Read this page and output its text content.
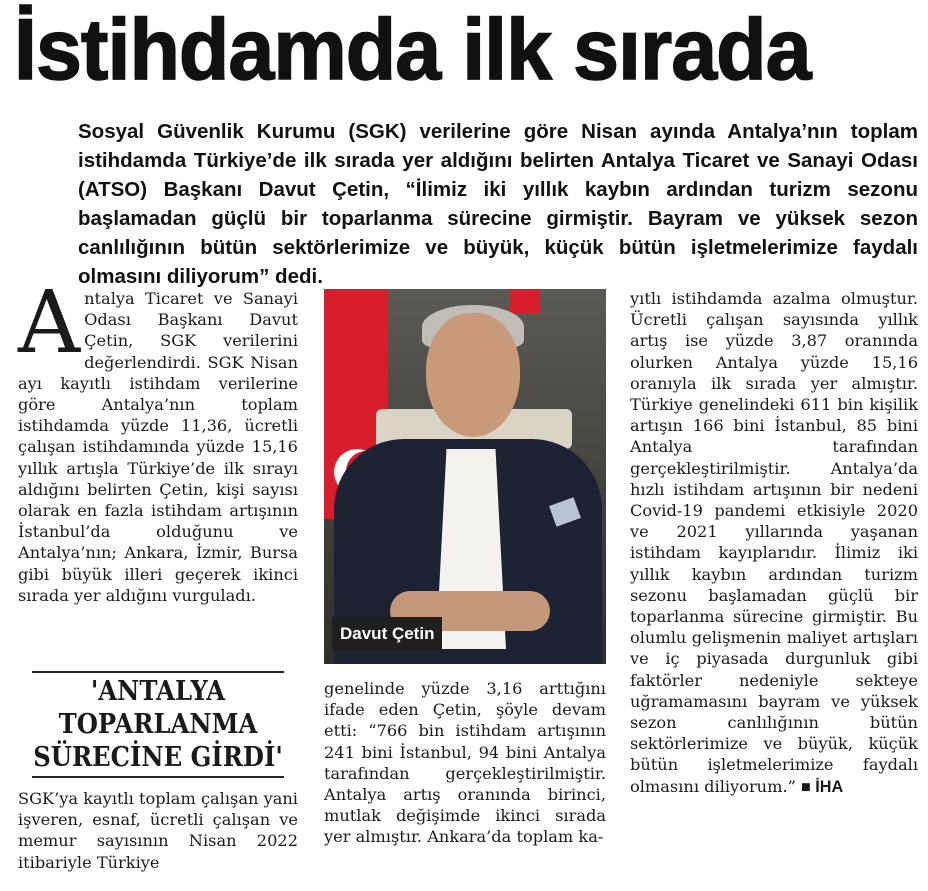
İstihdamda ilk sırada
Sosyal Güvenlik Kurumu (SGK) verilerine göre Nisan ayında Antalya’nın toplam istihdamda Türkiye’de ilk sırada yer aldığını belirten Antalya Ticaret ve Sanayi Odası (ATSO) Başkanı Davut Çetin, “İlimiz iki yıllık kaybın ardından turizm sezonu başlamadan güçlü bir toparlanma sürecine girmiştir. Bayram ve yüksek sezon canlılığının bütün sektörlerimize ve büyük, küçük bütün işletmelerimize faydalı olmasını diliyorum” dedi.
Antalya Ticaret ve Sanayi Odası Başkanı Davut Çetin, SGK verilerini değerlendirdi. SGK Nisan ayı kayıtlı istihdam verilerine göre Antalya’nın toplam istihdamda yüzde 11,36, ücretli çalışan istihdamında yüzde 15,16 yıllık artışla Türkiye’de ilk sırayı aldığını belirten Çetin, kişi sayısı olarak en fazla istihdam artışının İstanbul’da olduğunu ve Antalya’nın; Ankara, İzmir, Bursa gibi büyük illeri geçerek ikinci sırada yer aldığını vurguladı.
'ANTALYA TOPARLANMA SÜRECİNE GİRDİ'
SGK’ya kayıtlı toplam çalışan yani işveren, esnaf, ücretli çalışan ve memur sayısının Nisan 2022 itibariyle Türkiye
Davut Çetin
genelinde yüzde 3,16 arttığını ifade eden Çetin, şöyle devam etti: “766 bin istihdam artışının 241 bini İstanbul, 94 bini Antalya tarafından gerçekleştirilmiştir. Antalya artış oranında birinci, mutlak değişimde ikinci sırada yer almıştır. Ankara’da toplam ka-
yıtlı istihdamda azalma olmuştur. Ücretli çalışan sayısında yıllık artış ise yüzde 3,87 oranında olurken Antalya yüzde 15,16 oranıyla ilk sırada yer almıştır. Türkiye genelindeki 611 bin kişilik artışın 166 bini İstanbul, 85 bini Antalya tarafından gerçekleştirilmiştir. Antalya’da hızlı istihdam artışının bir nedeni Covid-19 pandemi etkisiyle 2020 ve 2021 yıllarında yaşanan istihdam kayıplarıdır. İlimiz iki yıllık kaybın ardından turizm sezonu başlamadan güçlü bir toparlanma sürecine girmiştir. Bu olumlu gelişmenin maliyet artışları ve iç piyasada durgunluk gibi faktörler nedeniyle sekteye uğramamasını bayram ve yüksek sezon canlılığının bütün sektörlerimize ve büyük, küçük bütün işletmelerimize faydalı olmasını diliyorum.” ■ İHA
